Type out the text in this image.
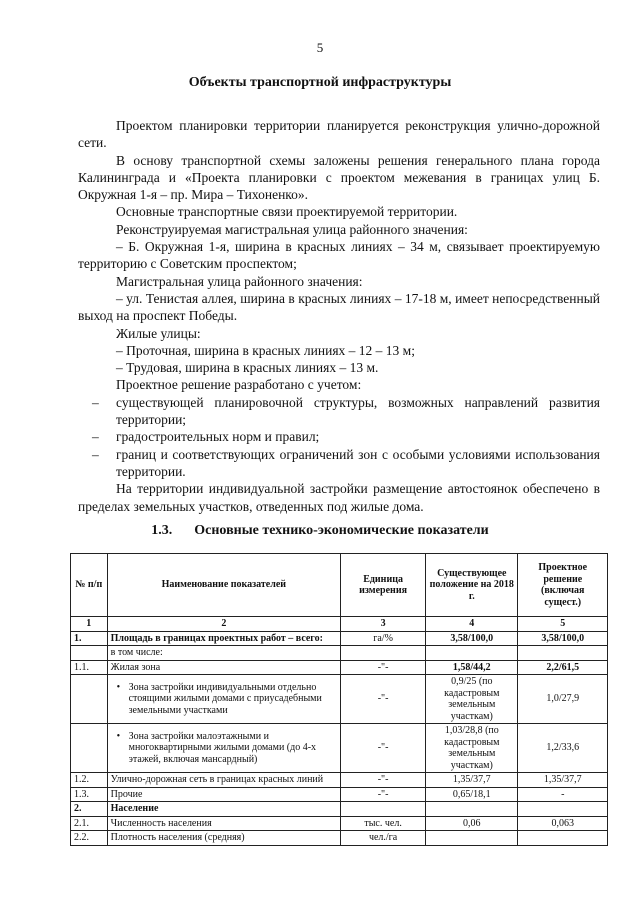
5
Объекты транспортной инфраструктуры

Проектом планировки территории планируется реконструкция улично-дорожной сети.

В основу транспортной схемы заложены решения генерального плана города Калининграда и «Проекта планировки с проектом межевания в границах улиц Б. Окружная 1-я – пр. Мира – Тихоненко».

Основные транспортные связи проектируемой территории.

Реконструируемая магистральная улица районного значения:

– Б. Окружная 1-я, ширина в красных линиях – 34 м, связывает проектируемую территорию с Советским проспектом;

Магистральная улица районного значения:

– ул. Тенистая аллея, ширина в красных линиях – 17-18 м, имеет непосредственный выход на проспект Победы.

Жилые улицы:

– Проточная, ширина в красных линиях – 12 – 13 м;

– Трудовая, ширина в красных линиях – 13 м.

Проектное решение разработано с учетом:

–	существующей планировочной структуры, возможных направлений развития территории;
–	градостроительных норм и правил;
–	границ и соответствующих ограничений зон с особыми условиями использования территории.

На территории индивидуальной застройки размещение автостоянок обеспечено в пределах земельных участков, отведенных под жилые дома.

1.3. Основные технико-экономические показатели
№ п/п	Наименование показателей	Единица измерения	Существующее положение на 2018 г.	Проектное решение (включая сущест.)
1	2	3	4	5
1.	Площадь в границах проектных работ – всего:	га/%	3,58/100,0	3,58/100,0
	в том числе:			
1.1.	Жилая зона	-"-	1,58/44,2	2,2/61,5

	• Зона застройки индивидуальными отдельно стоящими жилыми домами с приусадебными земельными участками	-"-	0,9/25 (по кадастровым земельным участкам)	1,0/27,9

	• Зона застройки малоэтажными и многоквартирными жилыми домами (до 4-х этажей, включая мансардный)	-"-	1,03/28,8 (по кадастровым земельным участкам)	1,2/33,6
1.2.	Улично-дорожная сеть в границах красных линий	-"-	1,35/37,7	1,35/37,7
1.3.	Прочие	-"-	0,65/18,1	-
2.	Население			
2.1.	Численность населения	тыс. чел.	0,06	0,063
2.2.	Плотность населения (средняя)	чел./га		
